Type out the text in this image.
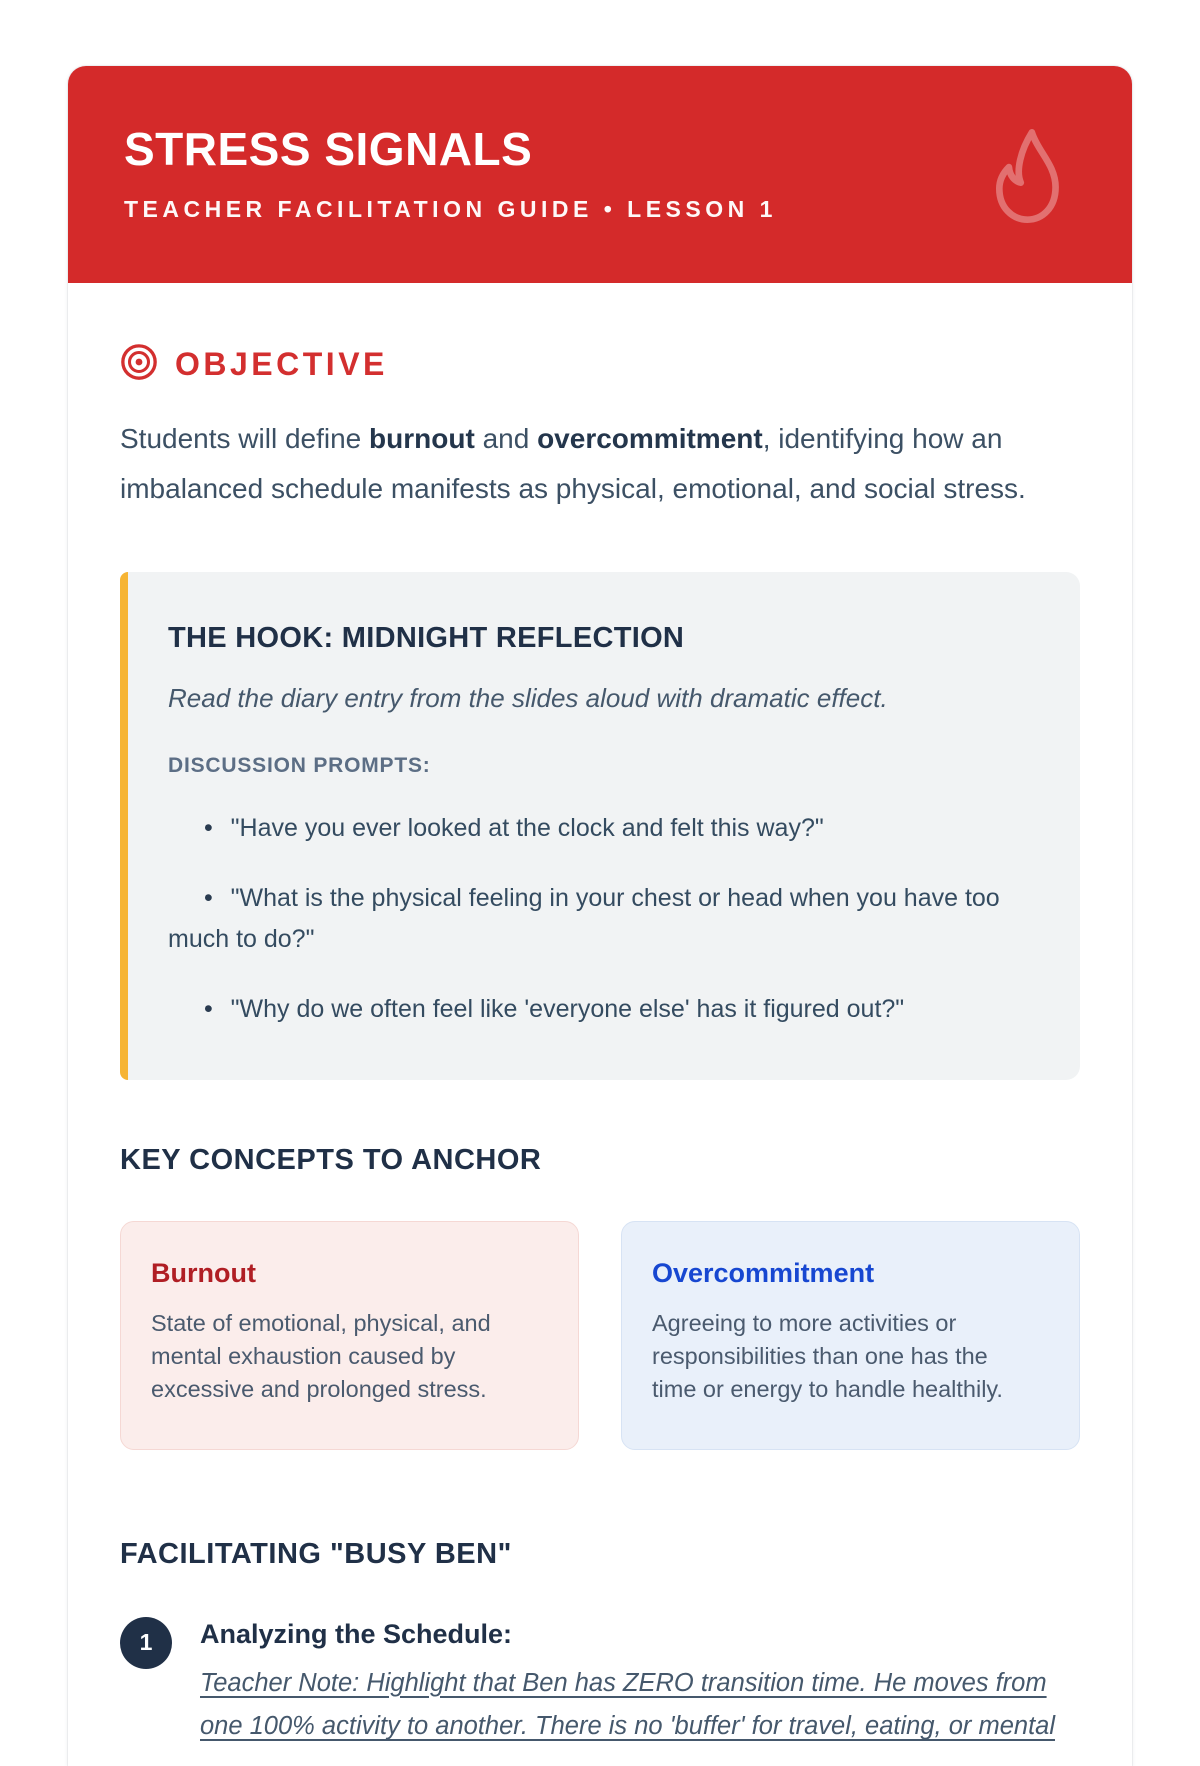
STRESS SIGNALS
TEACHER FACILITATION GUIDE • LESSON 1
OBJECTIVE

Students will define burnout and overcommitment, identifying how an imbalanced schedule manifests as physical, emotional, and social stress.

THE HOOK: MIDNIGHT REFLECTION
Read the diary entry from the slides aloud with dramatic effect.
DISCUSSION PROMPTS:
• "Have you ever looked at the clock and felt this way?"
• "What is the physical feeling in your chest or head when you have too much to do?"
• "Why do we often feel like 'everyone else' has it figured out?"
KEY CONCEPTS TO ANCHOR
Burnout
State of emotional, physical, and mental exhaustion caused by excessive and prolonged stress.
Overcommitment
Agreeing to more activities or responsibilities than one has the time or energy to handle healthily.
FACILITATING "BUSY BEN"
1	Analyzing the Schedule:
Teacher Note: Highlight that Ben has ZERO transition time. He moves from one 100% activity to another. There is no 'buffer' for travel, eating, or mental
